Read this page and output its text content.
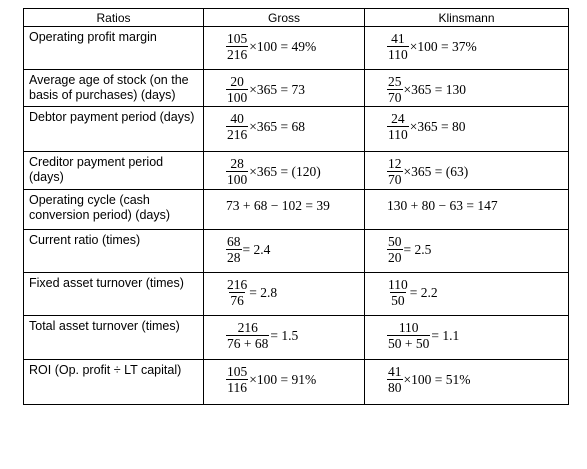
Ratios	Gross	Klinsmann
Operating profit margin	$\frac{105}{216} \times 100 = 49\%$	$\frac{41}{110} \times 100 = 37\%$

Average age of stock (on the basis of purchases) (days)	$\frac{20}{100} \times 365 = 73$	$\frac{25}{70} \times 365 = 130$

Debtor payment period (days)	$\frac{40}{216} \times 365 = 68$	$\frac{24}{110} \times 365 = 80$

Creditor payment period (days)	$\frac{28}{100} \times 365 = (120)$	$\frac{12}{70} \times 365 = (63)$

Operating cycle (cash conversion period) (days)	73 + 68 − 102 = 39	130 + 80 − 63 = 147
Current ratio (times)	$\frac{68}{28} = 2.4$	$\frac{50}{20} = 2.5$

Fixed asset turnover (times)	$\frac{216}{76} = 2.8$	$\frac{110}{50} = 2.2$

Total asset turnover (times)	$\frac{216}{76 + 68} = 1.5$	$\frac{110}{50 + 50} = 1.1$

ROI (Op. profit ÷ LT capital)	$\frac{105}{116} \times 100 = 91\%$	$\frac{41}{80} \times 100 = 51\%$
